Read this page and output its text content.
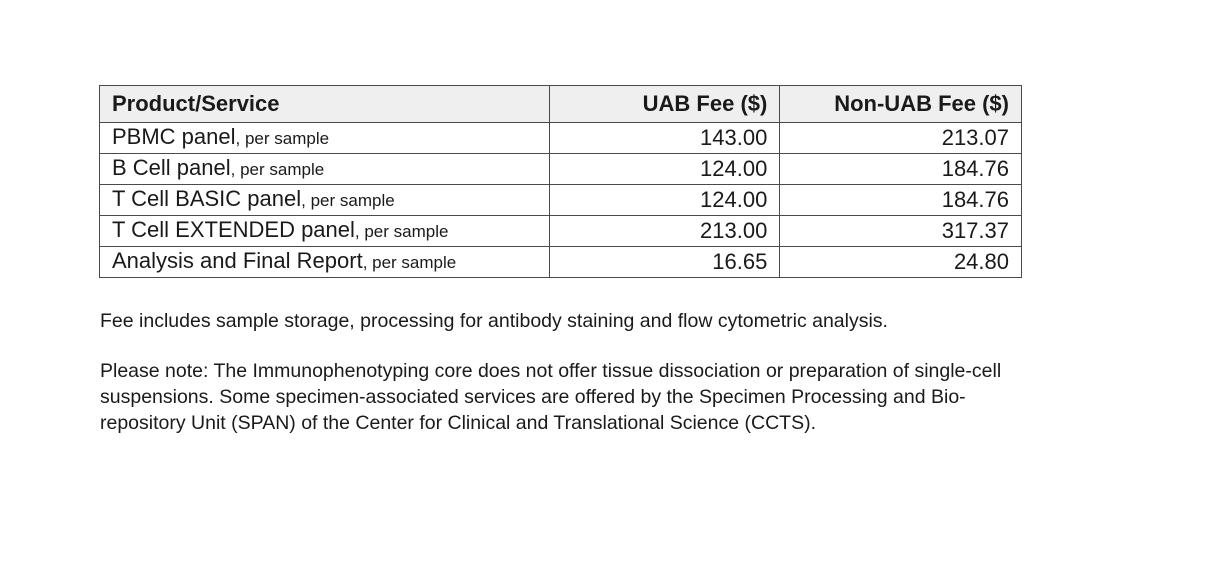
Product/Service	UAB Fee ($)	Non-UAB Fee ($)
PBMC panel, per sample	143.00	213.07
B Cell panel, per sample	124.00	184.76
T Cell BASIC panel, per sample	124.00	184.76
T Cell EXTENDED panel, per sample	213.00	317.37
Analysis and Final Report, per sample	16.65	24.80

Fee includes sample storage, processing for antibody staining and flow cytometric analysis.

Please note: The Immunophenotyping core does not offer tissue dissociation or preparation of single-cell suspensions. Some specimen-associated services are offered by the Specimen Processing and Bio-repository Unit (SPAN) of the Center for Clinical and Translational Science (CCTS).
